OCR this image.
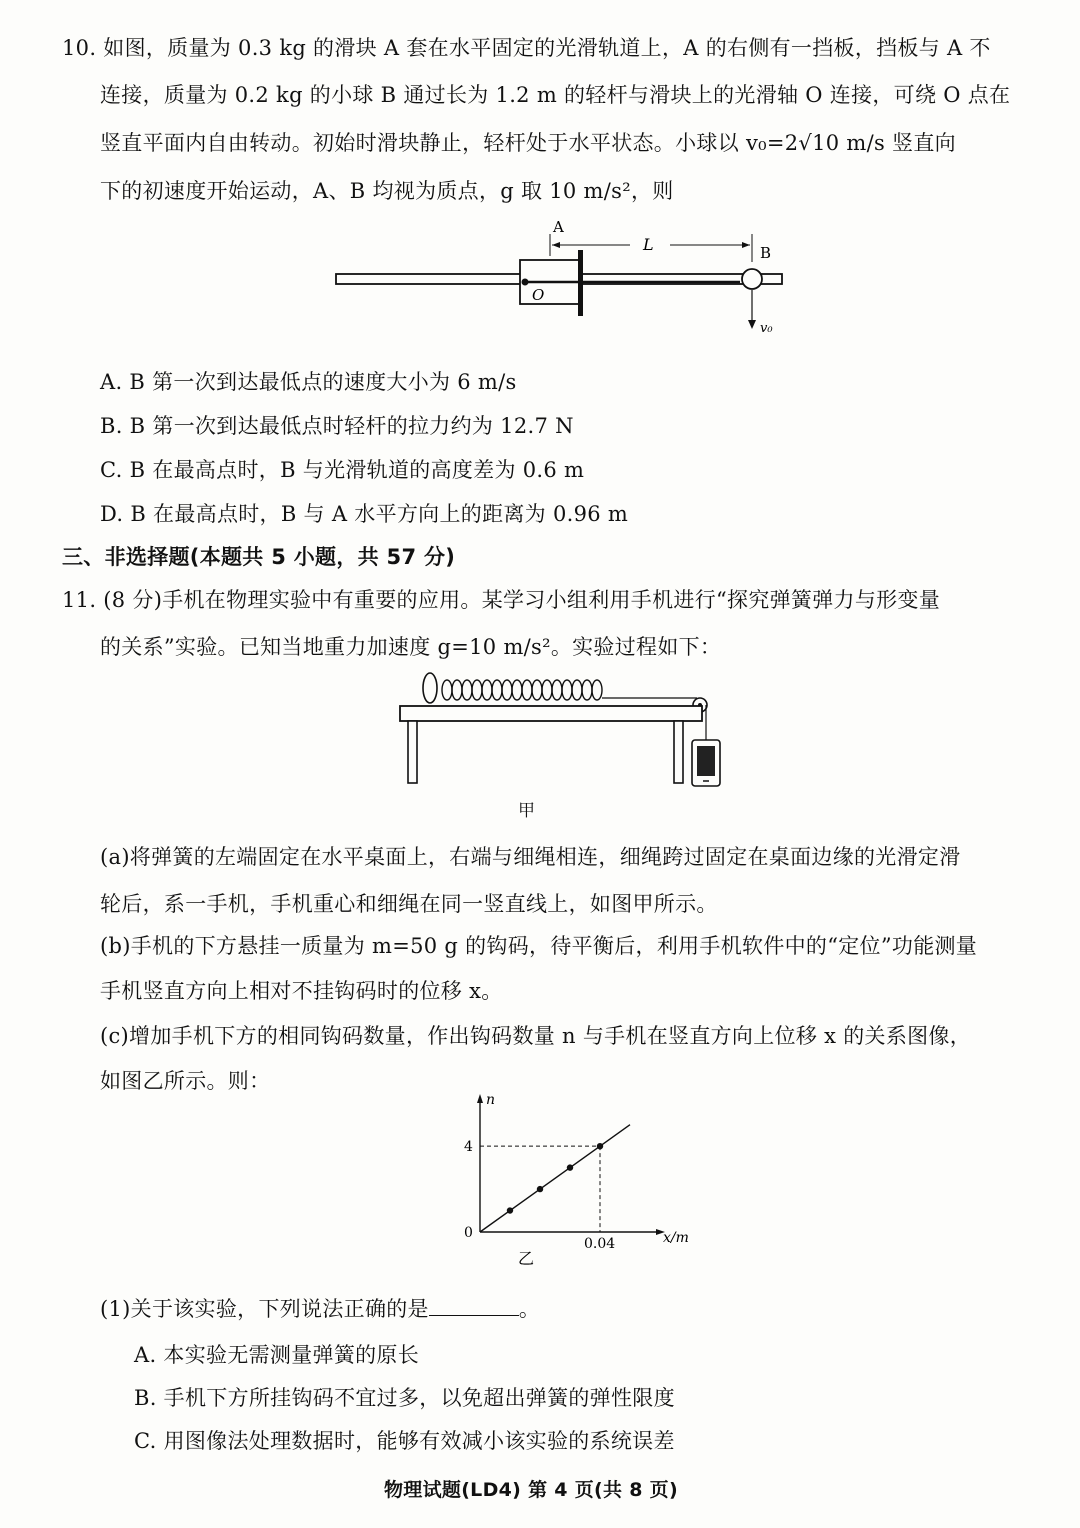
10. 如图，质量为 0.3 kg 的滑块 A 套在水平固定的光滑轨道上，A 的右侧有一挡板，挡板与 A 不
连接，质量为 0.2 kg 的小球 B 通过长为 1.2 m 的轻杆与滑块上的光滑轴 O 连接，可绕 O 点在
竖直平面内自由转动。初始时滑块静止，轻杆处于水平状态。小球以 v₀=2√10 m/s 竖直向
下的初速度开始运动，A、B 均视为质点，g 取 10 m/s²，则
A
L	B
O
v₀
A. B 第一次到达最低点的速度大小为 6 m/s
B. B 第一次到达最低点时轻杆的拉力约为 12.7 N
C. B 在最高点时，B 与光滑轨道的高度差为 0.6 m
D. B 在最高点时，B 与 A 水平方向上的距离为 0.96 m
三、非选择题(本题共 5 小题，共 57 分)
11. (8 分)手机在物理实验中有重要的应用。某学习小组利用手机进行“探究弹簧弹力与形变量
的关系”实验。已知当地重力加速度 g=10 m/s²。实验过程如下：
甲
(a)将弹簧的左端固定在水平桌面上，右端与细绳相连，细绳跨过固定在桌面边缘的光滑定滑
轮后，系一手机，手机重心和细绳在同一竖直线上，如图甲所示。
(b)手机的下方悬挂一质量为 m=50 g 的钩码，待平衡后，利用手机软件中的“定位”功能测量
手机竖直方向上相对不挂钩码时的位移 x。
(c)增加手机下方的相同钩码数量，作出钩码数量 n 与手机在竖直方向上位移 x 的关系图像，
如图乙所示。则：
0.04
4
0	x/m
n
乙
(1)关于该实验，下列说法正确的是	。
A. 本实验无需测量弹簧的原长
B. 手机下方所挂钩码不宜过多，以免超出弹簧的弹性限度
C. 用图像法处理数据时，能够有效减小该实验的系统误差
物理试题(LD4) 第 4 页(共 8 页)
